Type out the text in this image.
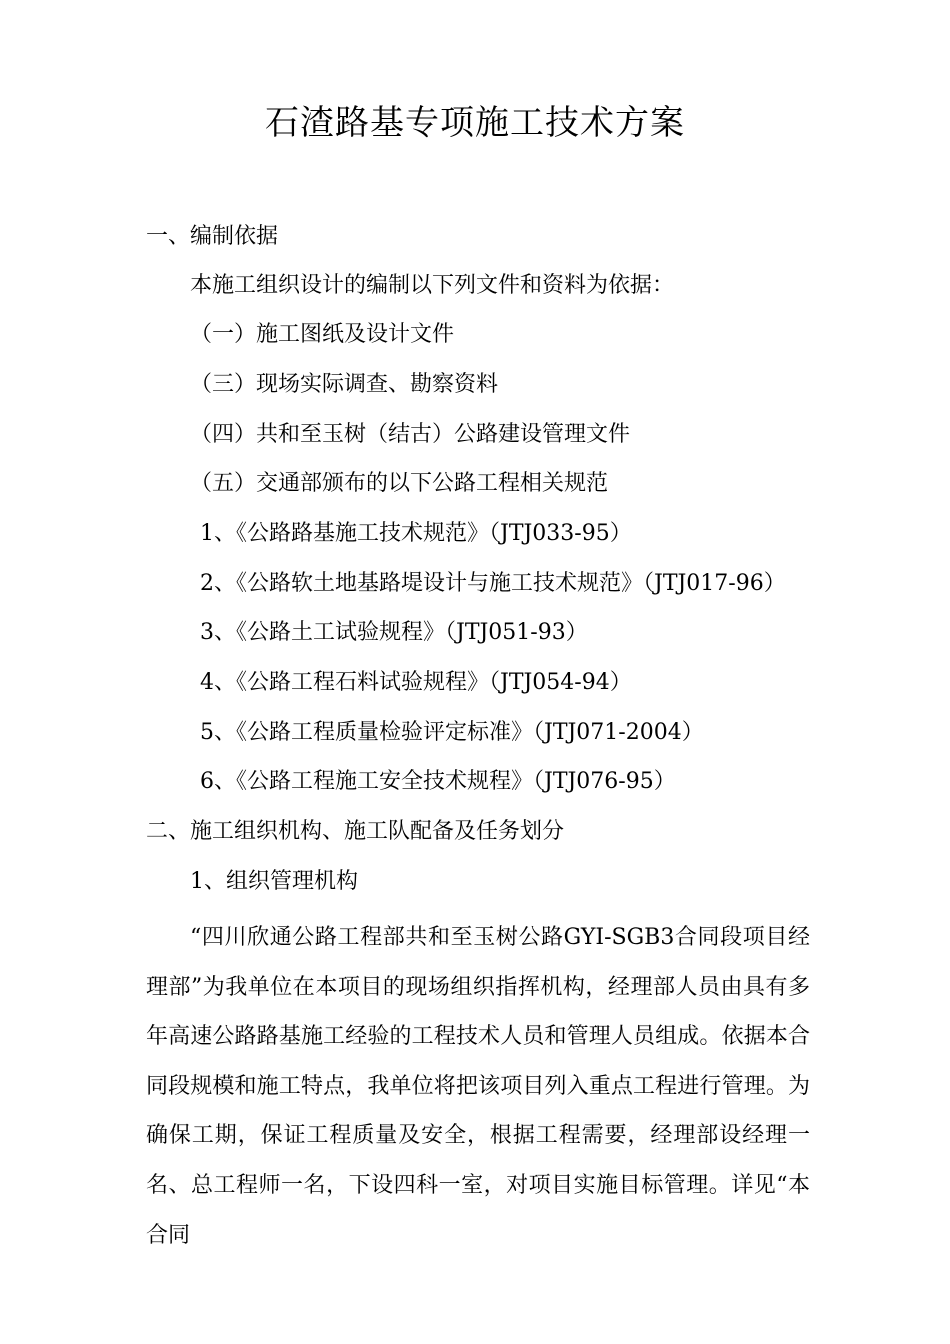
石渣路基专项施工技术方案

一、编制依据

本施工组织设计的编制以下列文件和资料为依据：

（一）施工图纸及设计文件

（三）现场实际调查、勘察资料

（四）共和至玉树（结古）公路建设管理文件

（五）交通部颁布的以下公路工程相关规范

1、《公路路基施工技术规范》（JTJ033-95）

2、《公路软土地基路堤设计与施工技术规范》（JTJ017-96）

3、《公路土工试验规程》（JTJ051-93）

4、《公路工程石料试验规程》（JTJ054-94）

5、《公路工程质量检验评定标准》（JTJ071-2004）

6、《公路工程施工安全技术规程》（JTJ076-95）

二、施工组织机构、施工队配备及任务划分

1、组织管理机构

“四川欣通公路工程部共和至玉树公路GYI-SGB3合同段项目经理部”为我单位在本项目的现场组织指挥机构，经理部人员由具有多年高速公路路基施工经验的工程技术人员和管理人员组成。依据本合同段规模和施工特点，我单位将把该项目列入重点工程进行管理。为确保工期，保证工程质量及安全，根据工程需要，经理部设经理一名、总工程师一名，下设四科一室，对项目实施目标管理。详见“本合同
